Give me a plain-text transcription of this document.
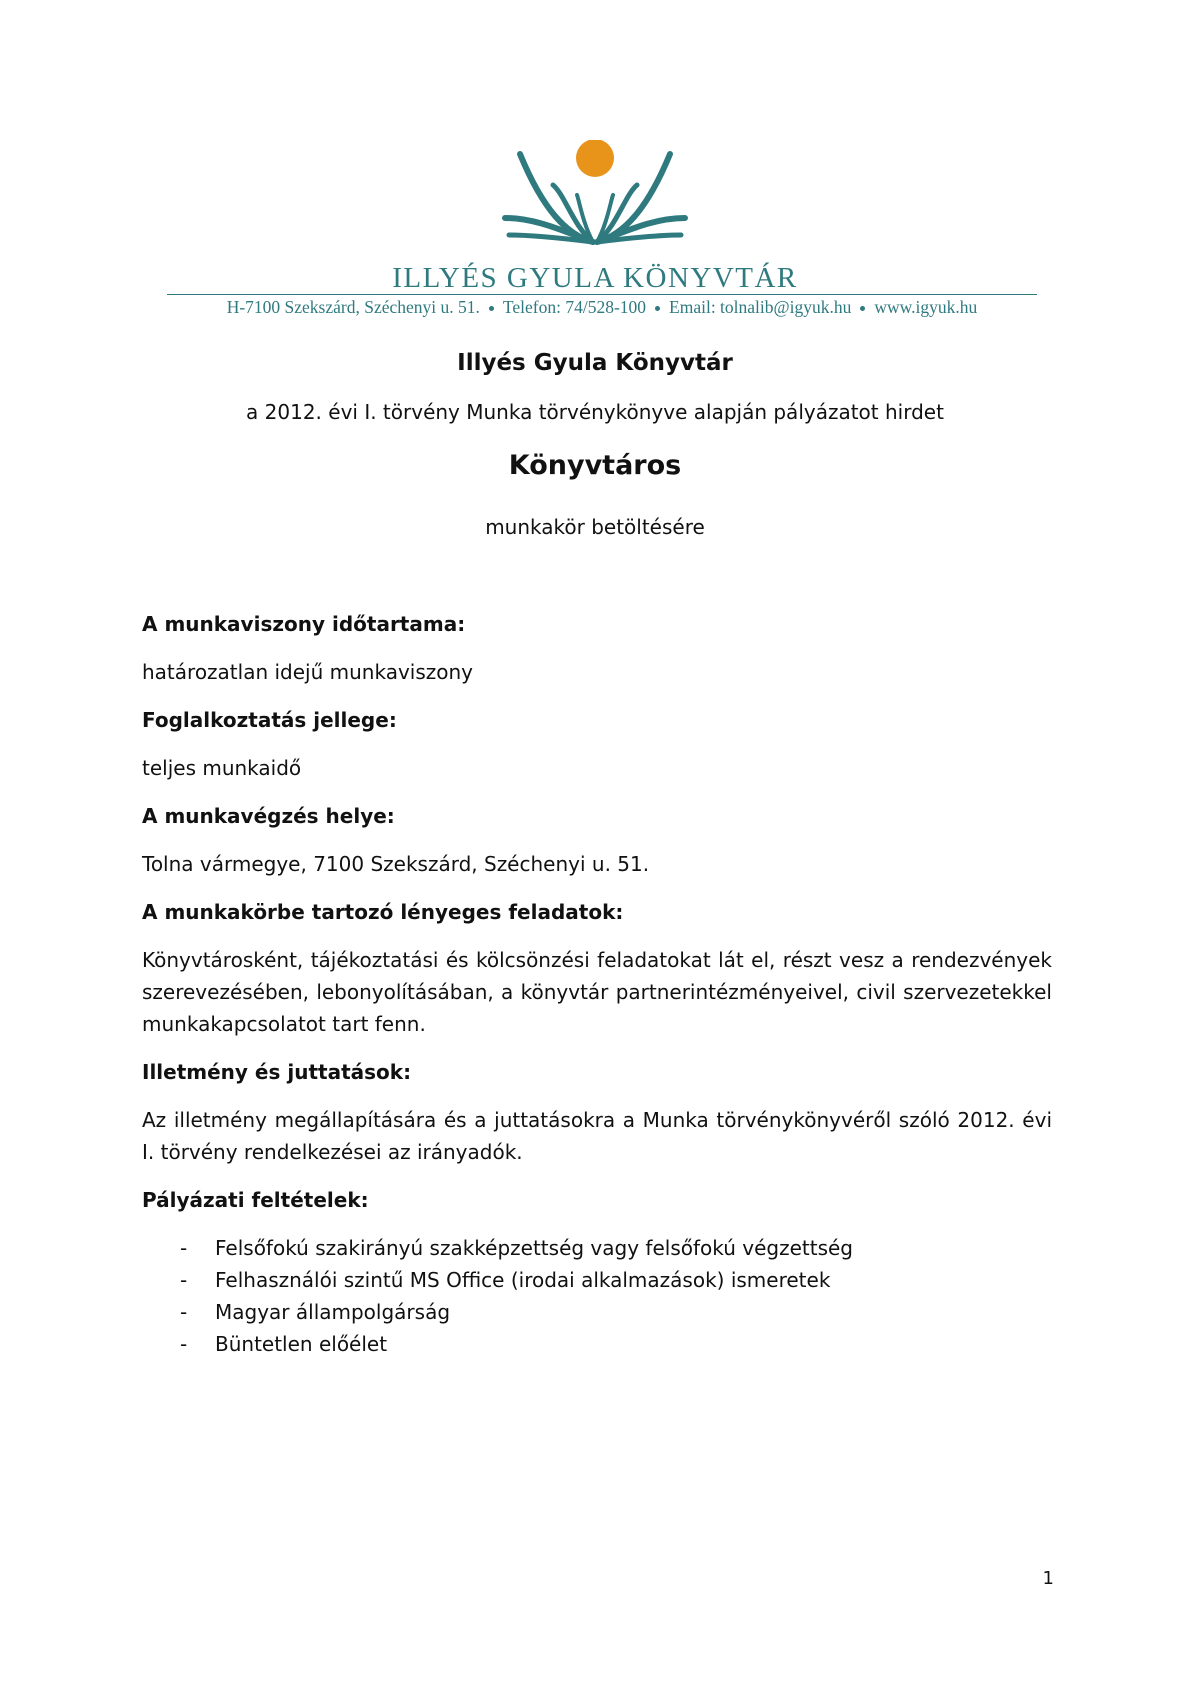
ILLYÉS GYULA KÖNYVTÁR
H-7100 Szekszárd, Széchenyi u. 51. Telefon: 74/528-100 Email: tolnalib@igyuk.hu www.igyuk.hu
Illyés Gyula Könyvtár
a 2012. évi I. törvény Munka törvénykönyve alapján pályázatot hirdet
Könyvtáros
munkakör betöltésére
A munkaviszony időtartama:

határozatlan idejű munkaviszony

Foglalkoztatás jellege:

teljes munkaidő

A munkavégzés helye:

Tolna vármegye, 7100 Szekszárd, Széchenyi u. 51.

A munkakörbe tartozó lényeges feladatok:

Könyvtárosként, tájékoztatási és kölcsönzési feladatokat lát el, részt vesz a rendezvények szerevezésében, lebonyolításában, a könyvtár partnerintézményeivel, civil szervezetekkel munkakapcsolatot tart fenn.

Illetmény és juttatások:

Az illetmény megállapítására és a juttatásokra a Munka törvénykönyvéről szóló 2012. évi I. törvény rendelkezései az irányadók.

Pályázati feltételek:
- Felsőfokú szakirányú szakképzettség vagy felsőfokú végzettség
- Felhasználói szintű MS Office (irodai alkalmazások) ismeretek
- Magyar állampolgárság
- Büntetlen előélet
1
